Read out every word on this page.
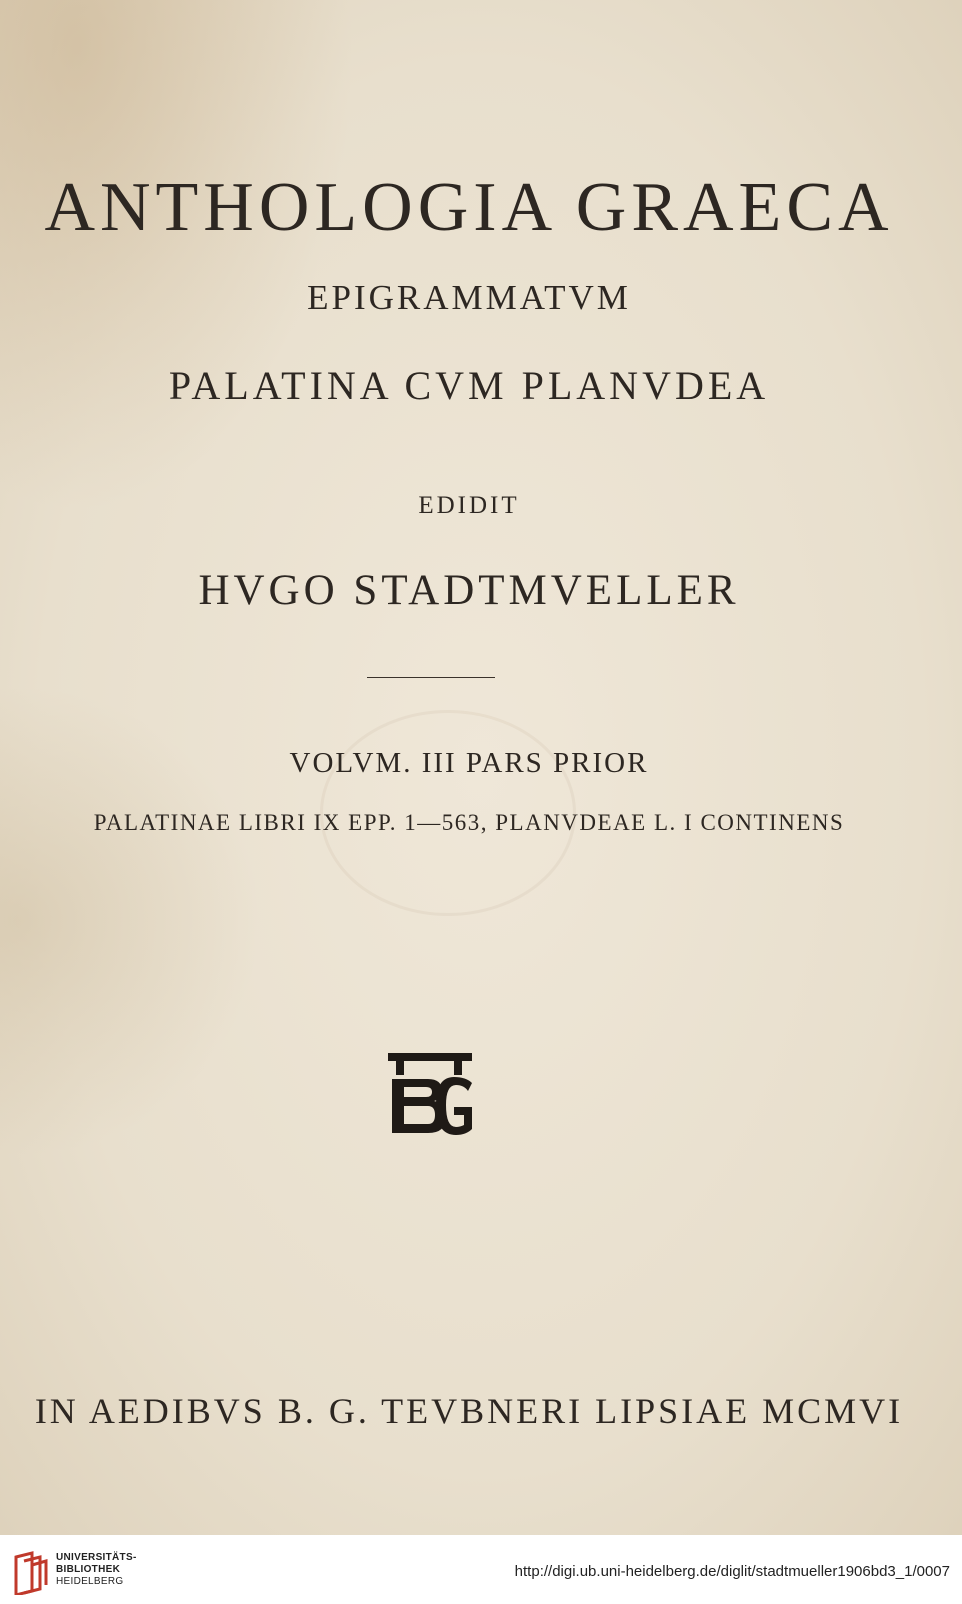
ANTHOLOGIA GRAECA

EPIGRAMMATVM

PALATINA CVM PLANVDEA

EDIDIT

HVGO STADTMVELLER

VOLVM. III PARS PRIOR

PALATINAE LIBRI IX EPP. 1—563, PLANVDEAE L. I CONTINENS

IN AEDIBVS B. G. TEVBNERI LIPSIAE MCMVI

UNIVERSITÄTS-
BIBLIOTHEK
HEIDELBERG
http://digi.ub.uni-heidelberg.de/diglit/stadtmueller1906bd3_1/0007
